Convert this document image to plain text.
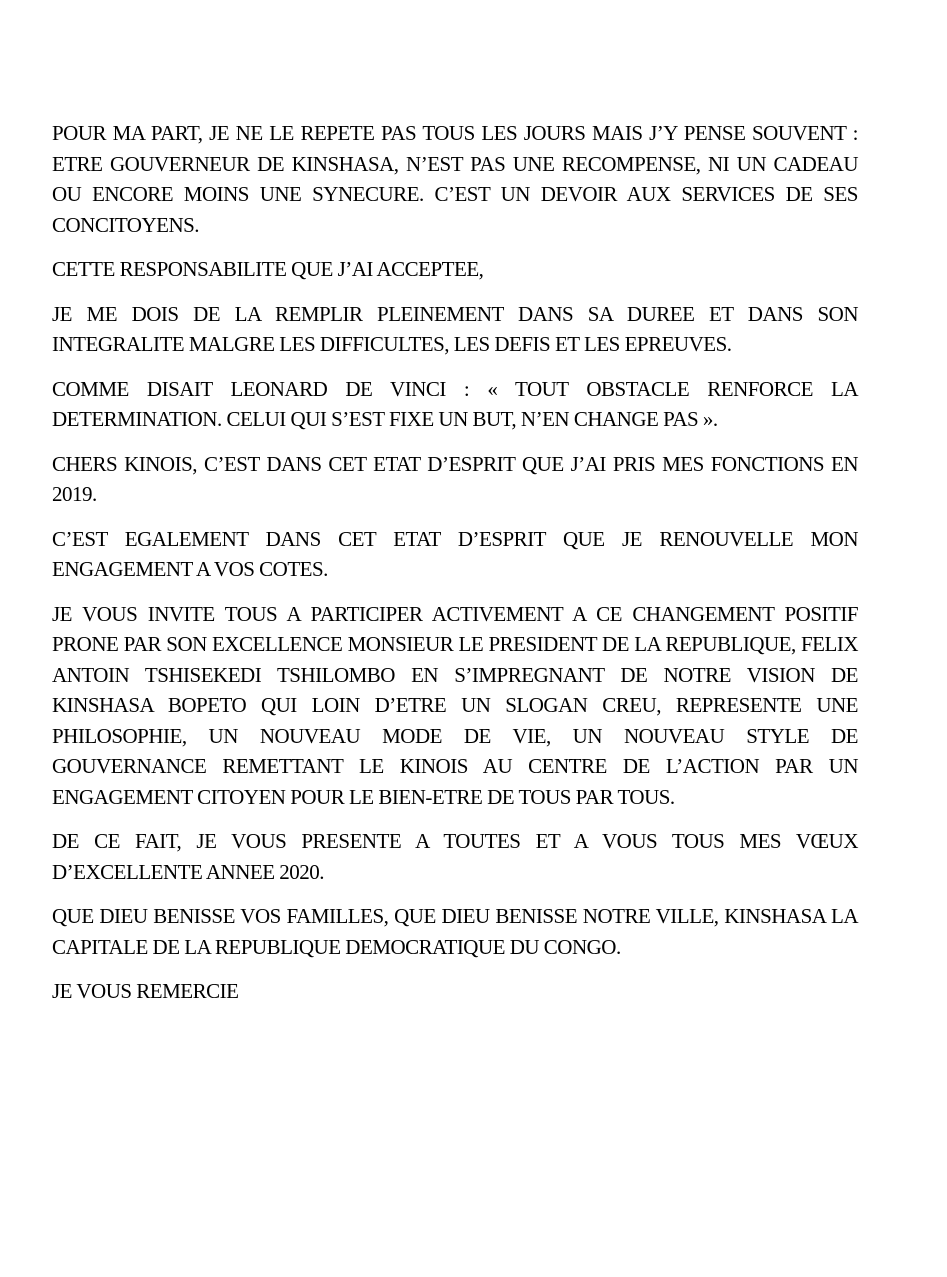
POUR MA PART, JE NE LE REPETE PAS TOUS LES JOURS MAIS J’Y PENSE SOUVENT : ETRE GOUVERNEUR DE KINSHASA, N’EST PAS UNE RECOMPENSE, NI UN CADEAU OU ENCORE MOINS UNE SYNECURE. C’EST UN DEVOIR AUX SERVICES DE SES CONCITOYENS.

CETTE RESPONSABILITE QUE J’AI ACCEPTEE,

JE ME DOIS DE LA REMPLIR PLEINEMENT DANS SA DUREE ET DANS SON INTEGRALITE MALGRE LES DIFFICULTES, LES DEFIS ET LES EPREUVES.

COMME DISAIT LEONARD DE VINCI : « TOUT OBSTACLE RENFORCE LA DETERMINATION. CELUI QUI S’EST FIXE UN BUT, N’EN CHANGE PAS ».

CHERS KINOIS, C’EST DANS CET ETAT D’ESPRIT QUE J’AI PRIS MES FONCTIONS EN 2019.

C’EST EGALEMENT DANS CET ETAT D’ESPRIT QUE JE RENOUVELLE MON ENGAGEMENT A VOS COTES.

JE VOUS INVITE TOUS A PARTICIPER ACTIVEMENT A CE CHANGEMENT POSITIF PRONE PAR SON EXCELLENCE MONSIEUR LE PRESIDENT DE LA REPUBLIQUE, FELIX ANTOIN TSHISEKEDI TSHILOMBO EN S’IMPREGNANT DE NOTRE VISION DE KINSHASA BOPETO QUI LOIN D’ETRE UN SLOGAN CREU, REPRESENTE UNE PHILOSOPHIE, UN NOUVEAU MODE DE VIE, UN NOUVEAU STYLE DE GOUVERNANCE REMETTANT LE KINOIS AU CENTRE DE L’ACTION PAR UN ENGAGEMENT CITOYEN POUR LE BIEN-ETRE DE TOUS PAR TOUS.

DE CE FAIT, JE VOUS PRESENTE A TOUTES ET A VOUS TOUS MES VŒUX D’EXCELLENTE ANNEE 2020.

QUE DIEU BENISSE VOS FAMILLES, QUE DIEU BENISSE NOTRE VILLE, KINSHASA LA CAPITALE DE LA REPUBLIQUE DEMOCRATIQUE DU CONGO.

JE VOUS REMERCIE
